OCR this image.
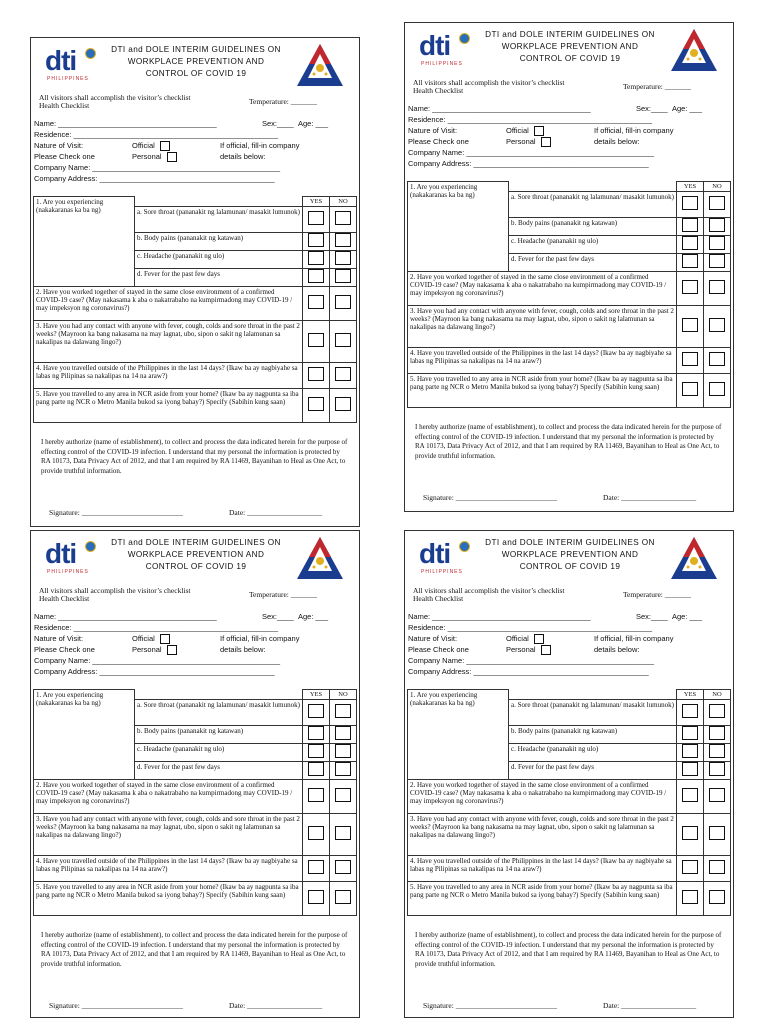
dti
PHILIPPINES
DTI and DOLE INTERIM GUIDELINES ON
WORKPLACE PREVENTION AND
CONTROL OF COVID 19
All visitors shall accomplish the visitor’s checklist
Health Checklist	Temperature: _______
Name: ______________________________________	Sex:____ Age: ___
Residence: _________________________________________________
Nature of Visit:	Official	If official, fill-in company
Please Check one	Personal	details below:
Company Name: _____________________________________________
Company Address: __________________________________________
1. Are you experiencing (nakakaranas ka ba ng)		YES	NO
	a. Sore throat (pananakit ng lalamunan/ masakit lumunok)		
	b. Body pains (pananakit ng katawan)		
	c. Headache (pananakit ng ulo)		
	d. Fever for the past few days		
2. Have you worked together of stayed in the same close environment of a confirmed COVID-19 case? (May nakasama k aba o nakatrabaho na kumpirmadong may COVID-19 / may impeksyon ng coronavirus?)			
3. Have you had any contact with anyone with fever, cough, colds and sore throat in the past 2 weeks? (Mayroon ka bang nakasama na may lagnat, ubo, sipon o sakit ng lalamunan sa nakalipas na dalawang lingo?)			
4. Have you travelled outside of the Philippines in the last 14 days? (Ikaw ba ay nagbiyahe sa labas ng Pilipinas sa nakalipas na 14 na araw?)			
5. Have you travelled to any area in NCR aside from your home? (Ikaw ba ay nagpunta sa iba pang parte ng NCR o Metro Manila bukod sa iyong bahay?) Specify (Sabihin kung saan)			
I hereby authorize (name of establishment), to collect and process the data indicated herein for the purpose of effecting control of the COVID-19 infection. I understand that my personal the information is protected by RA 10173, Data Privacy Act of 2012, and that I am required by RA 11469, Bayanihan to Heal as One Act, to provide truthful information.
Signature: ___________________________	Date: ____________________
dti
PHILIPPINES
DTI and DOLE INTERIM GUIDELINES ON
WORKPLACE PREVENTION AND
CONTROL OF COVID 19
All visitors shall accomplish the visitor’s checklist
Health Checklist	Temperature: _______
Name: ______________________________________	Sex:____ Age: ___
Residence: _________________________________________________
Nature of Visit:	Official	If official, fill-in company
Please Check one	Personal	details below:
Company Name: _____________________________________________
Company Address: __________________________________________
1. Are you experiencing (nakakaranas ka ba ng)		YES	NO
	a. Sore throat (pananakit ng lalamunan/ masakit lumunok)		
	b. Body pains (pananakit ng katawan)		
	c. Headache (pananakit ng ulo)		
	d. Fever for the past few days		
2. Have you worked together of stayed in the same close environment of a confirmed COVID-19 case? (May nakasama k aba o nakatrabaho na kumpirmadong may COVID-19 / may impeksyon ng coronavirus?)			
3. Have you had any contact with anyone with fever, cough, colds and sore throat in the past 2 weeks? (Mayroon ka bang nakasama na may lagnat, ubo, sipon o sakit ng lalamunan sa nakalipas na dalawang lingo?)			
4. Have you travelled outside of the Philippines in the last 14 days? (Ikaw ba ay nagbiyahe sa labas ng Pilipinas sa nakalipas na 14 na araw?)			
5. Have you travelled to any area in NCR aside from your home? (Ikaw ba ay nagpunta sa iba pang parte ng NCR o Metro Manila bukod sa iyong bahay?) Specify (Sabihin kung saan)			
I hereby authorize (name of establishment), to collect and process the data indicated herein for the purpose of effecting control of the COVID-19 infection. I understand that my personal the information is protected by RA 10173, Data Privacy Act of 2012, and that I am required by RA 11469, Bayanihan to Heal as One Act, to provide truthful information.
Signature: ___________________________	Date: ____________________
dti
PHILIPPINES
DTI and DOLE INTERIM GUIDELINES ON
WORKPLACE PREVENTION AND
CONTROL OF COVID 19
All visitors shall accomplish the visitor’s checklist
Health Checklist	Temperature: _______
Name: ______________________________________	Sex:____ Age: ___
Residence: _________________________________________________
Nature of Visit:	Official	If official, fill-in company
Please Check one	Personal	details below:
Company Name: _____________________________________________
Company Address: __________________________________________
1. Are you experiencing (nakakaranas ka ba ng)		YES	NO
	a. Sore throat (pananakit ng lalamunan/ masakit lumunok)		
	b. Body pains (pananakit ng katawan)		
	c. Headache (pananakit ng ulo)		
	d. Fever for the past few days		
2. Have you worked together of stayed in the same close environment of a confirmed COVID-19 case? (May nakasama k aba o nakatrabaho na kumpirmadong may COVID-19 / may impeksyon ng coronavirus?)			
3. Have you had any contact with anyone with fever, cough, colds and sore throat in the past 2 weeks? (Mayroon ka bang nakasama na may lagnat, ubo, sipon o sakit ng lalamunan sa nakalipas na dalawang lingo?)			
4. Have you travelled outside of the Philippines in the last 14 days? (Ikaw ba ay nagbiyahe sa labas ng Pilipinas sa nakalipas na 14 na araw?)			
5. Have you travelled to any area in NCR aside from your home? (Ikaw ba ay nagpunta sa iba pang parte ng NCR o Metro Manila bukod sa iyong bahay?) Specify (Sabihin kung saan)			
I hereby authorize (name of establishment), to collect and process the data indicated herein for the purpose of effecting control of the COVID-19 infection. I understand that my personal the information is protected by RA 10173, Data Privacy Act of 2012, and that I am required by RA 11469, Bayanihan to Heal as One Act, to provide truthful information.
Signature: ___________________________	Date: ____________________
dti
PHILIPPINES
DTI and DOLE INTERIM GUIDELINES ON
WORKPLACE PREVENTION AND
CONTROL OF COVID 19
All visitors shall accomplish the visitor’s checklist
Health Checklist	Temperature: _______
Name: ______________________________________	Sex:____ Age: ___
Residence: _________________________________________________
Nature of Visit:	Official	If official, fill-in company
Please Check one	Personal	details below:
Company Name: _____________________________________________
Company Address: __________________________________________
1. Are you experiencing (nakakaranas ka ba ng)		YES	NO
	a. Sore throat (pananakit ng lalamunan/ masakit lumunok)		
	b. Body pains (pananakit ng katawan)		
	c. Headache (pananakit ng ulo)		
	d. Fever for the past few days		
2. Have you worked together of stayed in the same close environment of a confirmed COVID-19 case? (May nakasama k aba o nakatrabaho na kumpirmadong may COVID-19 / may impeksyon ng coronavirus?)			
3. Have you had any contact with anyone with fever, cough, colds and sore throat in the past 2 weeks? (Mayroon ka bang nakasama na may lagnat, ubo, sipon o sakit ng lalamunan sa nakalipas na dalawang lingo?)			
4. Have you travelled outside of the Philippines in the last 14 days? (Ikaw ba ay nagbiyahe sa labas ng Pilipinas sa nakalipas na 14 na araw?)			
5. Have you travelled to any area in NCR aside from your home? (Ikaw ba ay nagpunta sa iba pang parte ng NCR o Metro Manila bukod sa iyong bahay?) Specify (Sabihin kung saan)			
I hereby authorize (name of establishment), to collect and process the data indicated herein for the purpose of effecting control of the COVID-19 infection. I understand that my personal the information is protected by RA 10173, Data Privacy Act of 2012, and that I am required by RA 11469, Bayanihan to Heal as One Act, to provide truthful information.
Signature: ___________________________	Date: ____________________
